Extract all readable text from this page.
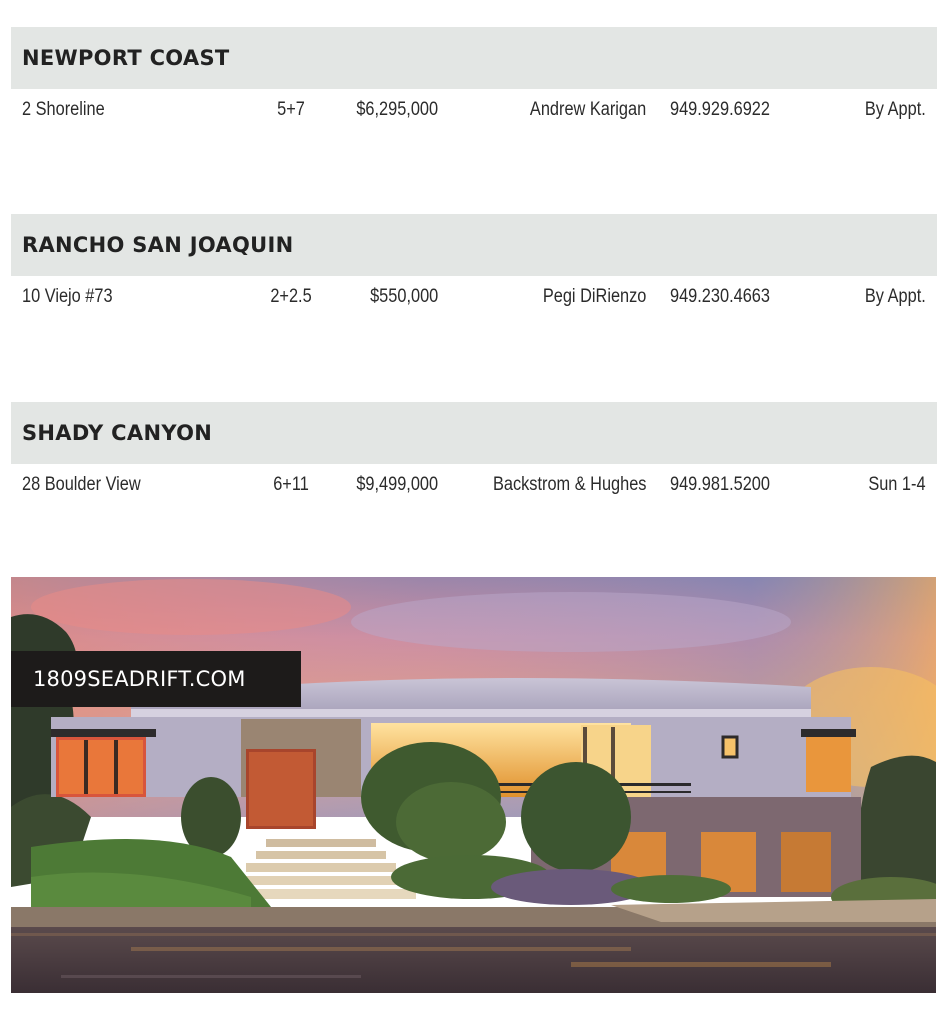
NEWPORT COAST
2 Shoreline	5+7	$6,295,000	Andrew Karigan 949.929.6922	By Appt.
RANCHO SAN JOAQUIN
10 Viejo #73	2+2.5	$550,000	Pegi DiRienzo 949.230.4663	By Appt.
SHADY CANYON
28 Boulder View	6+11	$9,499,000	Backstrom & Hughes 949.981.5200	Sun 1-4
1809SEADRIFT.COM
